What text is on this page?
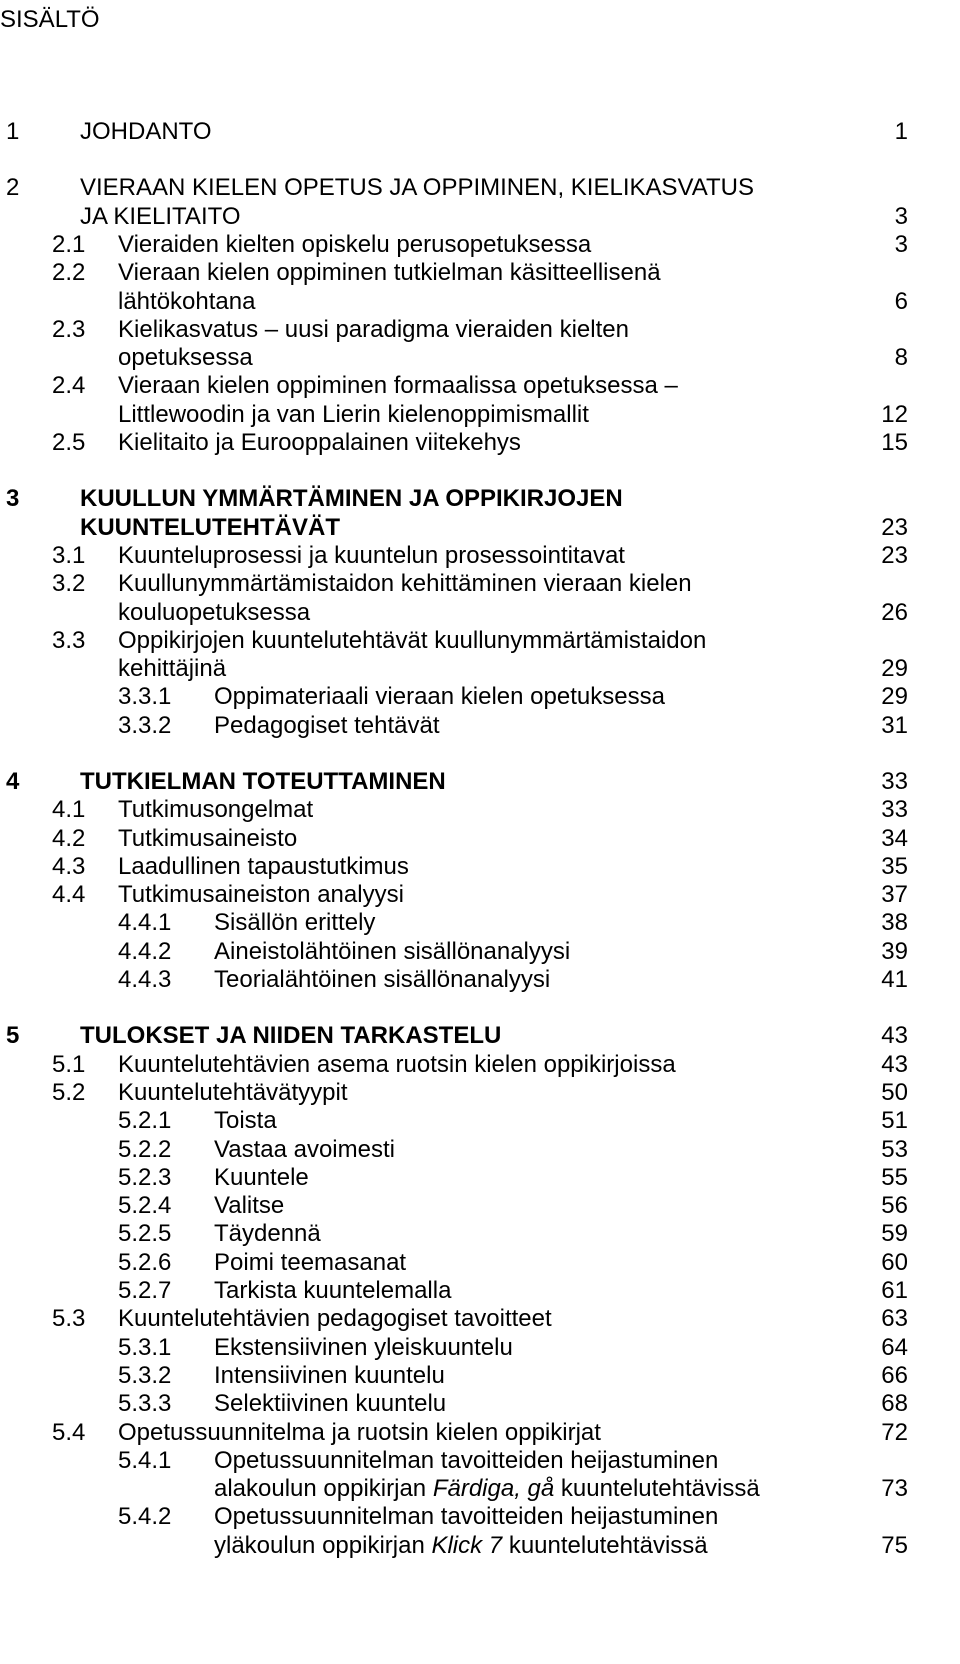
SISÄLTÖ
1	JOHDANTO	1
2	VIERAAN KIELEN OPETUS JA OPPIMINEN, KIELIKASVATUS
JA KIELITAITO	3
2.1 Vieraiden kielten opiskelu perusopetuksessa	3
2.2 Vieraan kielen oppiminen tutkielman käsitteellisenä
lähtökohtana	6
2.3 Kielikasvatus – uusi paradigma vieraiden kielten
opetuksessa	8
2.4 Vieraan kielen oppiminen formaalissa opetuksessa –
Littlewoodin ja van Lierin kielenoppimismallit	12
2.5 Kielitaito ja Eurooppalainen viitekehys	15
3	KUULLUN YMMÄRTÄMINEN JA OPPIKIRJOJEN
KUUNTELUTEHTÄVÄT	23
3.1 Kuunteluprosessi ja kuuntelun prosessointitavat	23
3.2 Kuullunymmärtämistaidon kehittäminen vieraan kielen
kouluopetuksessa	26
3.3 Oppikirjojen kuuntelutehtävät kuullunymmärtämistaidon
kehittäjinä	29
3.3.1 Oppimateriaali vieraan kielen opetuksessa	29
3.3.2 Pedagogiset tehtävät	31
4	TUTKIELMAN TOTEUTTAMINEN	33
4.1 Tutkimusongelmat	33
4.2 Tutkimusaineisto	34
4.3 Laadullinen tapaustutkimus	35
4.4 Tutkimusaineiston analyysi	37
4.4.1 Sisällön erittely	38
4.4.2 Aineistolähtöinen sisällönanalyysi	39
4.4.3 Teorialähtöinen sisällönanalyysi	41
5	TULOKSET JA NIIDEN TARKASTELU	43
5.1 Kuuntelutehtävien asema ruotsin kielen oppikirjoissa	43
5.2 Kuuntelutehtävätyypit	50
5.2.1 Toista	51
5.2.2 Vastaa avoimesti	53
5.2.3 Kuuntele	55
5.2.4 Valitse	56
5.2.5 Täydennä	59
5.2.6 Poimi teemasanat	60
5.2.7 Tarkista kuuntelemalla	61
5.3 Kuuntelutehtävien pedagogiset tavoitteet	63
5.3.1 Ekstensiivinen yleiskuuntelu	64
5.3.2 Intensiivinen kuuntelu	66
5.3.3 Selektiivinen kuuntelu	68
5.4 Opetussuunnitelma ja ruotsin kielen oppikirjat	72
5.4.1 Opetussuunnitelman tavoitteiden heijastuminen
alakoulun oppikirjan Färdiga, gå kuuntelutehtävissä	73
5.4.2 Opetussuunnitelman tavoitteiden heijastuminen
yläkoulun oppikirjan Klick 7 kuuntelutehtävissä	75
